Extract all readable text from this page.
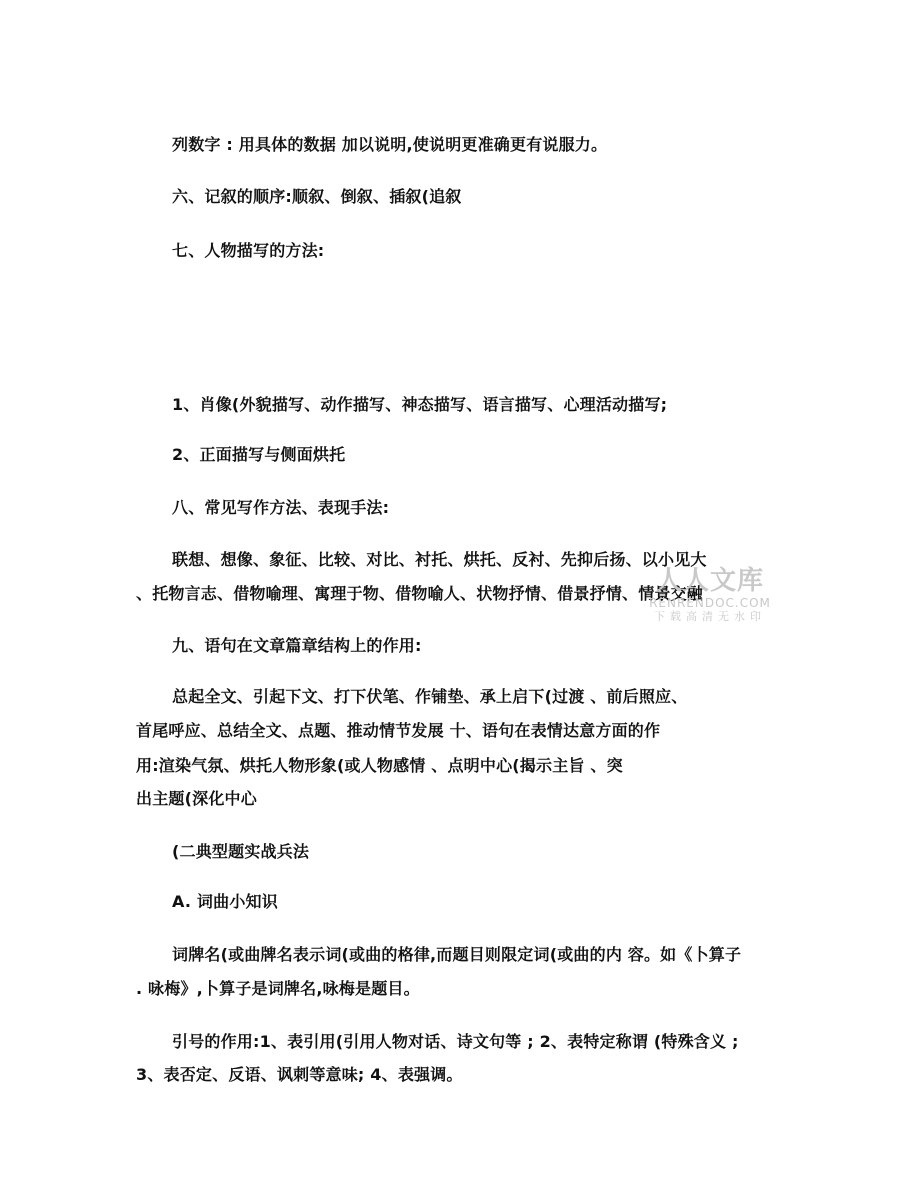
列数字 : 用具体的数据 加以说明,使说明更准确更有说服力。

六、记叙的顺序:顺叙、倒叙、插叙(追叙

七、人物描写的方法:

1、肖像(外貌描写、动作描写、神态描写、语言描写、心理活动描写;

2、正面描写与侧面烘托

八、常见写作方法、表现手法:

联想、想像、象征、比较、对比、衬托、烘托、反衬、先抑后扬、以小见大

、托物言志、借物喻理、寓理于物、借物喻人、状物抒情、借景抒情、情景交融

九、语句在文章篇章结构上的作用:

总起全文、引起下文、打下伏笔、作铺垫、承上启下(过渡 、前后照应、

首尾呼应、总结全文、点题、推动情节发展 十、语句在表情达意方面的作

用:渲染气氛、烘托人物形象(或人物感情 、点明中心(揭示主旨 、突

出主题(深化中心

(二典型题实战兵法

A. 词曲小知识

词牌名(或曲牌名表示词(或曲的格律,而题目则限定词(或曲的内 容。如《卜算子

. 咏梅》,卜算子是词牌名,咏梅是题目。

引号的作用:1、表引用(引用人物对话、诗文句等 ; 2、表特定称谓 (特殊含义 ;

3、表否定、反语、讽刺等意味; 4、表强调。

人人文库
RENRENDOC.COM
下载高清无水印
